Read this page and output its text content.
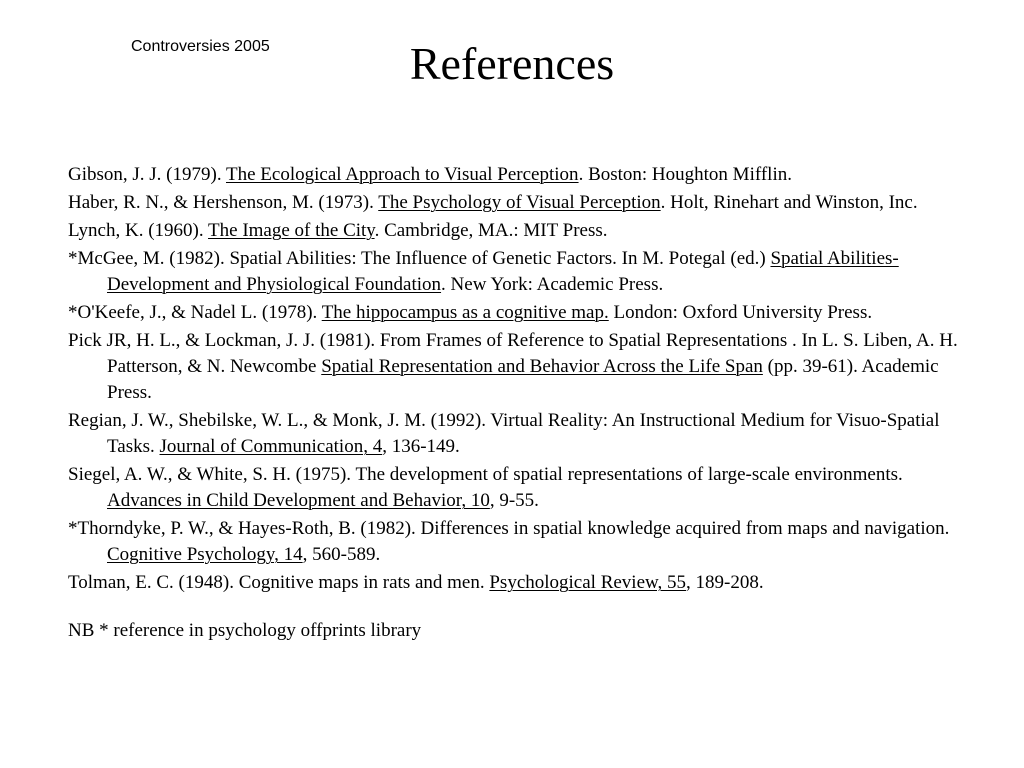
Controversies 2005	References

Gibson, J. J. (1979). The Ecological Approach to Visual Perception. Boston: Houghton Mifflin.

Haber, R. N., & Hershenson, M. (1973). The Psychology of Visual Perception. Holt, Rinehart and Winston, Inc.

Lynch, K. (1960). The Image of the City. Cambridge, MA.: MIT Press.

*McGee, M. (1982). Spatial Abilities: The Influence of Genetic Factors. In M. Potegal (ed.) Spatial Abilities-Development and Physiological Foundation. New York: Academic Press.

*O'Keefe, J., & Nadel L. (1978). The hippocampus as a cognitive map. London: Oxford University Press.

Pick JR, H. L., & Lockman, J. J. (1981). From Frames of Reference to Spatial Representations . In L. S. Liben, A. H. Patterson, & N. Newcombe Spatial Representation and Behavior Across the Life Span (pp. 39-61). Academic Press.

Regian, J. W., Shebilske, W. L., & Monk, J. M. (1992). Virtual Reality: An Instructional Medium for Visuo-Spatial Tasks. Journal of Communication, 4, 136-149.

Siegel, A. W., & White, S. H. (1975). The development of spatial representations of large-scale environments. Advances in Child Development and Behavior, 10, 9-55.

*Thorndyke, P. W., & Hayes-Roth, B. (1982). Differences in spatial knowledge acquired from maps and navigation. Cognitive Psychology, 14, 560-589.

Tolman, E. C. (1948). Cognitive maps in rats and men. Psychological Review, 55, 189-208.

NB * reference in psychology offprints library
